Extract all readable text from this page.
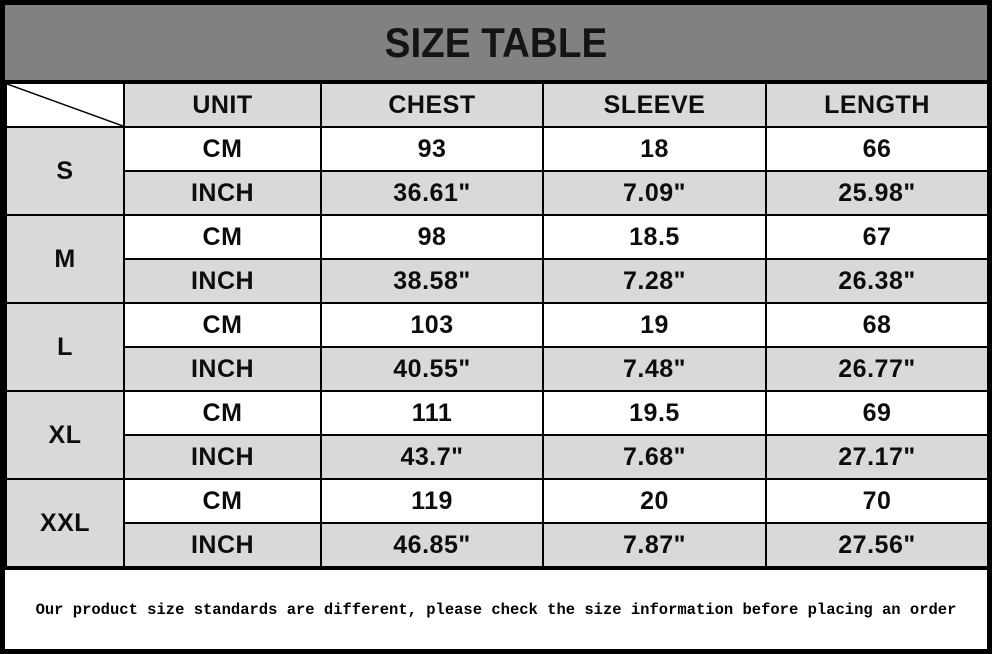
SIZE TABLE
	UNIT	CHEST	SLEEVE	LENGTH
S	CM	93	18	66
	INCH	36.61"	7.09"	25.98"
M	CM	98	18.5	67
	INCH	38.58"	7.28"	26.38"
L	CM	103	19	68
	INCH	40.55"	7.48"	26.77"
XL	CM	111	19.5	69
	INCH	43.7"	7.68"	27.17"
XXL	CM	119	20	70
	INCH	46.85"	7.87"	27.56"
Our product size standards are different, please check the size information before placing an order
